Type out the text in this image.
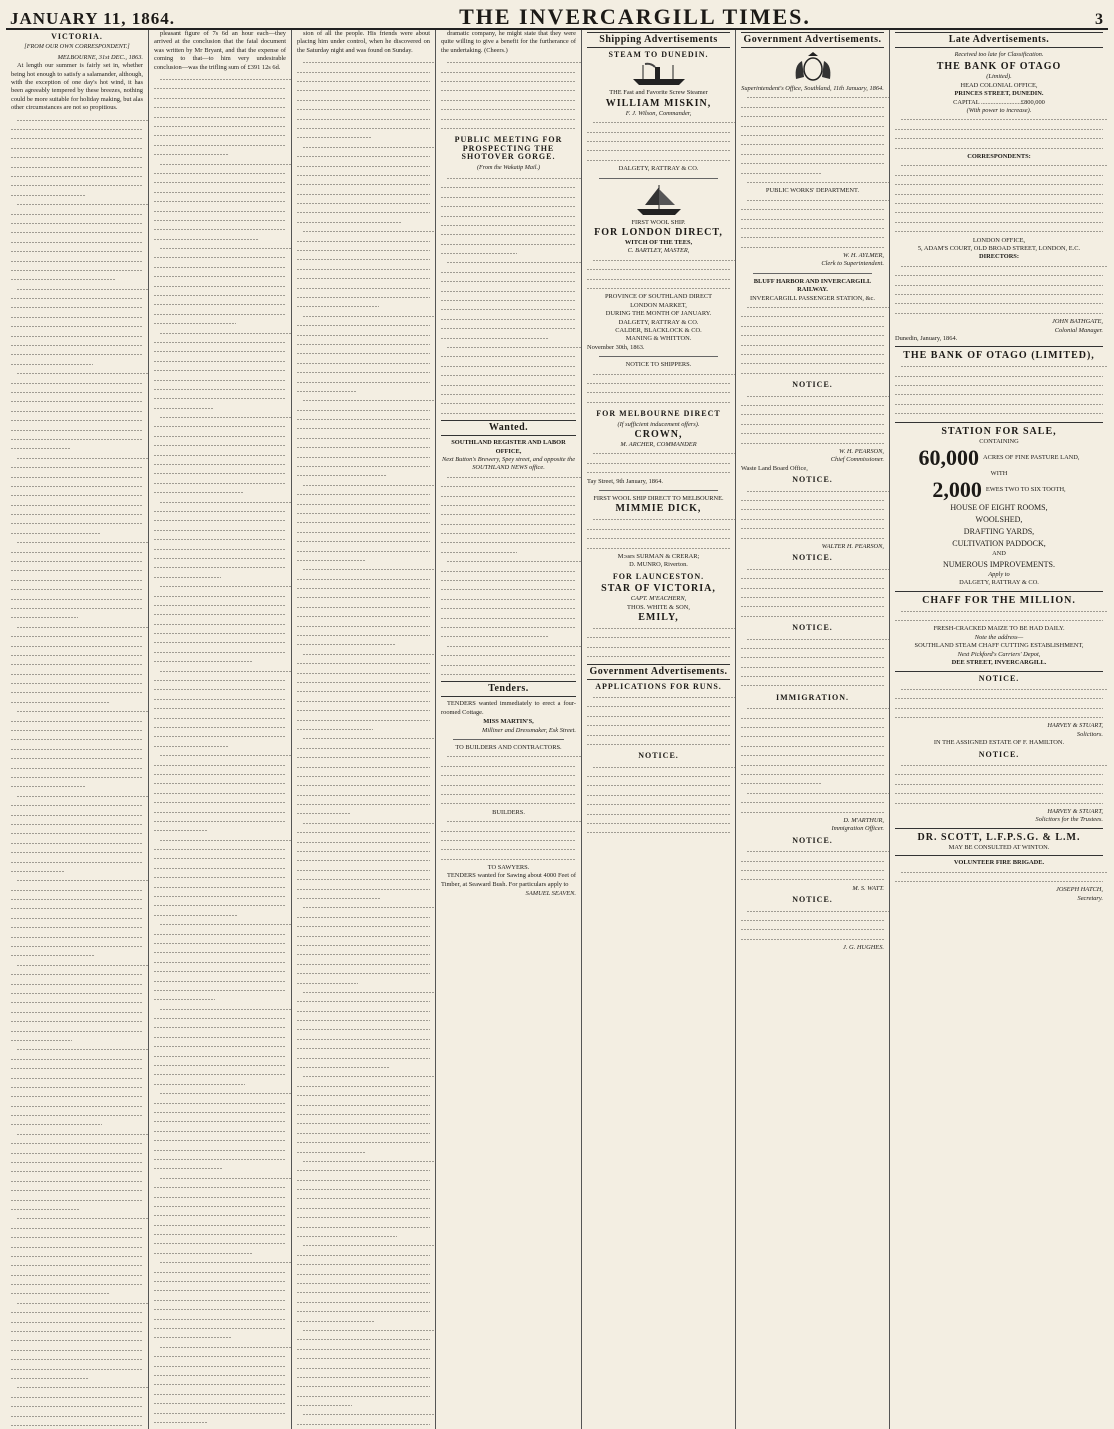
JANUARY 11, 1864.	THE INVERCARGILL TIMES.	3
VICTORIA.
[FROM OUR OWN CORRESPONDENT.]
MELBOURNE, 31st DEC., 1863.

At length our summer is fairly set in, whether being hot enough to satisfy a salamander, although, with the exception of one day's hot wind, it has been agreeably tempered by these breezes, nothing could be more suitable for holiday making, but alas other circumstances are not so propitious.

pleasant figure of 7s 6d an hour each—they arrived at the conclusion that the fatal document was written by Mr Bryant, and that the expense of coming to that—to him very undesirable conclusion—was the trifling sum of £391 12s 6d.

sion of all the people. His friends were about placing him under control, when he discovered on the Saturday night and was found on Sunday.

dramatic company, he might state that they were quite willing to give a benefit for the furtherance of the undertaking. (Cheers.)

PUBLIC MEETING FOR PROSPECTING THE SHOTOVER GORGE.
(From the Wakatip Mail.)
Wanted.
SOUTHLAND REGISTER AND LABOR OFFICE,
Next Button's Brewery, Spey street, and opposite the SOUTHLAND NEWS office.
Tenders.

TENDERS wanted immediately to erect a four-roomed Cottage.

MISS MARTIN'S,
Milliner and Dressmaker, Esk Street.
TO BUILDERS AND CONTRACTORS.
BUILDERS.
TO SAWYERS.

TENDERS wanted for Sawing about 4000 Feet of Timber, at Seaward Bush. For particulars apply to

SAMUEL SEAVEN.
Shipping Advertisements
STEAM TO DUNEDIN.
THE Fast and Favorite Screw Steamer
WILLIAM MISKIN,
F. J. Wilson, Commander,
DALGETY, RATTRAY & CO.
FIRST WOOL SHIP.
FOR LONDON DIRECT,
WITCH OF THE TEES,
C. BARTLEY, MASTER,
PROVINCE OF SOUTHLAND DIRECT
LONDON MARKET,
DURING THE MONTH OF JANUARY.
DALGETY, RATTRAY & CO.
CALDER, BLACKLOCK & CO.
MANING & WHITTON.
November 30th, 1863.
NOTICE TO SHIPPERS.
FOR MELBOURNE DIRECT
(If sufficient inducement offers).
CROWN,
M. ARCHER, COMMANDER
Tay Street, 9th January, 1864.
FIRST WOOL SHIP DIRECT TO MELBOURNE.
MIMMIE DICK,
M:ssrs SURMAN & CRERAR;
D. MUNRO, Riverton.
FOR LAUNCESTON.
STAR OF VICTORIA,
CAPT. M'EACHERN,
THOS. WHITE & SON,
EMILY,
Government Advertisements.
APPLICATIONS FOR RUNS.
NOTICE.
Government Advertisements.
Superintendent's Office, Southland, 11th January, 1864.
PUBLIC WORKS' DEPARTMENT.
W. H. AYLMER,
Clerk to Superintendent.
BLUFF HARBOR AND INVERCARGILL RAILWAY.
INVERCARGILL PASSENGER STATION, &c.
NOTICE.
W. H. PEARSON,
Chief Commissioner.
Waste Land Board Office,
NOTICE.
WALTER H. PEARSON,
NOTICE.
NOTICE.
IMMIGRATION.
D. M'ARTHUR,
Immigration Officer.
NOTICE.
M. S. WATT.
NOTICE.
J. G. HUGHES.
Late Advertisements.
Received too late for Classification.
THE BANK OF OTAGO
(Limited).
HEAD COLONIAL OFFICE,
PRINCES STREET, DUNEDIN.
CAPITAL .........................£800,000
(With power to increase).
CORRESPONDENTS:
LONDON OFFICE,
5, ADAM'S COURT, OLD BROAD STREET, LONDON, E.C.
DIRECTORS:
JOHN BATHGATE,
Colonial Manager.
Dunedin, January, 1864.
THE BANK OF OTAGO (LIMITED),
STATION FOR SALE,
CONTAINING
60,000 ACRES OF FINE PASTURE LAND,
WITH
2,000 EWES TWO TO SIX TOOTH,
HOUSE OF EIGHT ROOMS,
WOOLSHED,
DRAFTING YARDS,
CULTIVATION PADDOCK,
AND
NUMEROUS IMPROVEMENTS.
Apply to
DALGETY, RATTRAY & CO.
CHAFF FOR THE MILLION.
FRESH-CRACKED MAIZE TO BE HAD DAILY.
Note the address—
SOUTHLAND STEAM CHAFF CUTTING ESTABLISHMENT,
Next Pickford's Carriers' Depot,
DEE STREET, INVERCARGILL.
NOTICE.
HARVEY & STUART,
Solicitors.
IN THE ASSIGNED ESTATE OF F. HAMILTON.
NOTICE.
HARVEY & STUART,
Solicitors for the Trustees.
DR. SCOTT, L.F.P.S.G. & L.M.
MAY BE CONSULTED AT WINTON.
VOLUNTEER FIRE BRIGADE.
JOSEPH HATCH,
Secretary.
